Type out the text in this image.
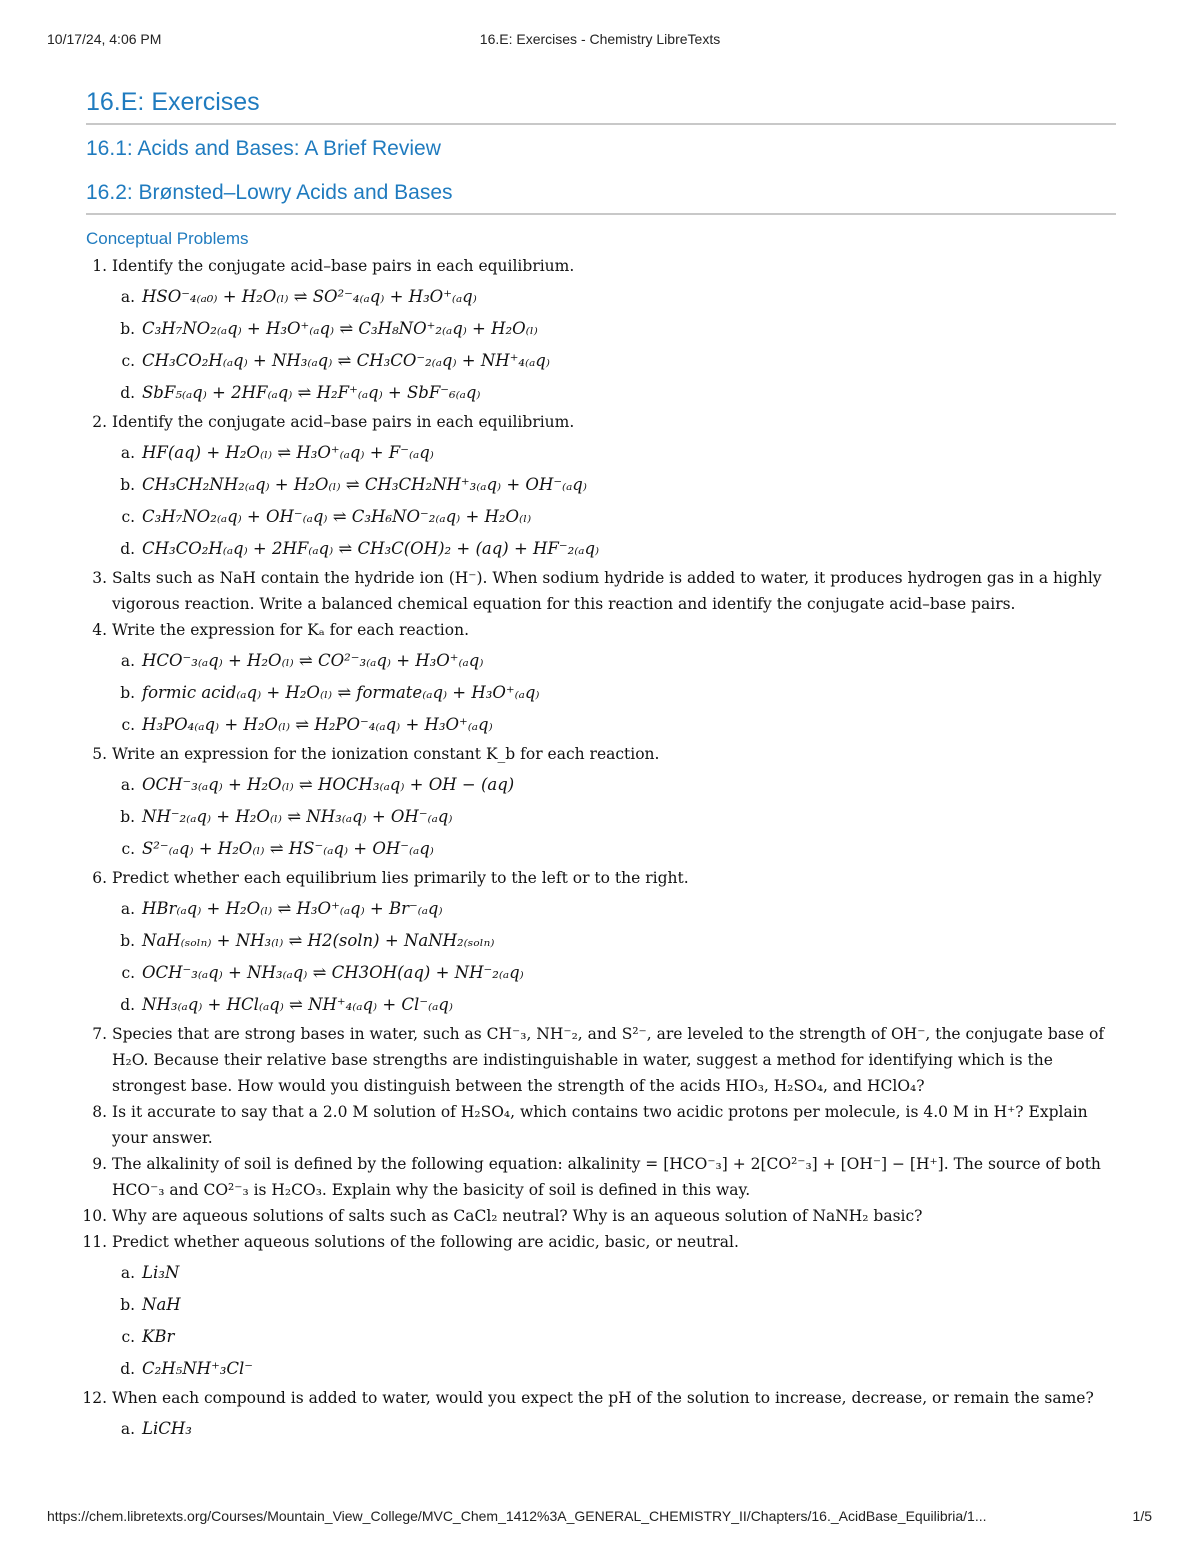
10/17/24, 4:06 PM	16.E: Exercises - Chemistry LibreTexts
16.E: Exercises
16.1: Acids and Bases: A Brief Review
16.2: Brønsted–Lowry Acids and Bases
Conceptual Problems

1. Identify the conjugate acid–base pairs in each equilibrium.

a. HSO⁻₄₍ₐ₀₎ + H₂O₍ₗ₎ ⇌ SO²⁻₄₍ₐq₎ + H₃O⁺₍ₐq₎
b. C₃H₇NO₂₍ₐq₎ + H₃O⁺₍ₐq₎ ⇌ C₃H₈NO⁺₂₍ₐq₎ + H₂O₍ₗ₎
c. CH₃CO₂H₍ₐq₎ + NH₃₍ₐq₎ ⇌ CH₃CO⁻₂₍ₐq₎ + NH⁺₄₍ₐq₎
d. SbF₅₍ₐq₎ + 2HF₍ₐq₎ ⇌ H₂F⁺₍ₐq₎ + SbF⁻₆₍ₐq₎

2. Identify the conjugate acid–base pairs in each equilibrium.

a. HF(aq) + H₂O₍ₗ₎ ⇌ H₃O⁺₍ₐq₎ + F⁻₍ₐq₎
b. CH₃CH₂NH₂₍ₐq₎ + H₂O₍ₗ₎ ⇌ CH₃CH₂NH⁺₃₍ₐq₎ + OH⁻₍ₐq₎
c. C₃H₇NO₂₍ₐq₎ + OH⁻₍ₐq₎ ⇌ C₃H₆NO⁻₂₍ₐq₎ + H₂O₍ₗ₎
d. CH₃CO₂H₍ₐq₎ + 2HF₍ₐq₎ ⇌ CH₃C(OH)₂ + (aq) + HF⁻₂₍ₐq₎

3. Salts such as NaH contain the hydride ion (H⁻). When sodium hydride is added to water, it produces hydrogen gas in a highly vigorous reaction. Write a balanced chemical equation for this reaction and identify the conjugate acid–base pairs.

4. Write the expression for Kₐ for each reaction.

a. HCO⁻₃₍ₐq₎ + H₂O₍ₗ₎ ⇌ CO²⁻₃₍ₐq₎ + H₃O⁺₍ₐq₎
b. formic acid₍ₐq₎ + H₂O₍ₗ₎ ⇌ formate₍ₐq₎ + H₃O⁺₍ₐq₎
c. H₃PO₄₍ₐq₎ + H₂O₍ₗ₎ ⇌ H₂PO⁻₄₍ₐq₎ + H₃O⁺₍ₐq₎

5. Write an expression for the ionization constant K_b for each reaction.

a. OCH⁻₃₍ₐq₎ + H₂O₍ₗ₎ ⇌ HOCH₃₍ₐq₎ + OH − (aq)
b. NH⁻₂₍ₐq₎ + H₂O₍ₗ₎ ⇌ NH₃₍ₐq₎ + OH⁻₍ₐq₎
c. S²⁻₍ₐq₎ + H₂O₍ₗ₎ ⇌ HS⁻₍ₐq₎ + OH⁻₍ₐq₎

6. Predict whether each equilibrium lies primarily to the left or to the right.

a. HBr₍ₐq₎ + H₂O₍ₗ₎ ⇌ H₃O⁺₍ₐq₎ + Br⁻₍ₐq₎
b. NaH₍ₛₒₗₙ₎ + NH₃₍ₗ₎ ⇌ H2(soln) + NaNH₂₍ₛₒₗₙ₎
c. OCH⁻₃₍ₐq₎ + NH₃₍ₐq₎ ⇌ CH3OH(aq) + NH⁻₂₍ₐq₎
d. NH₃₍ₐq₎ + HCl₍ₐq₎ ⇌ NH⁺₄₍ₐq₎ + Cl⁻₍ₐq₎

7. Species that are strong bases in water, such as CH⁻₃, NH⁻₂, and S²⁻, are leveled to the strength of OH⁻, the conjugate base of H₂O. Because their relative base strengths are indistinguishable in water, suggest a method for identifying which is the strongest base. How would you distinguish between the strength of the acids HIO₃, H₂SO₄, and HClO₄?

8. Is it accurate to say that a 2.0 M solution of H₂SO₄, which contains two acidic protons per molecule, is 4.0 M in H⁺? Explain your answer.

9. The alkalinity of soil is defined by the following equation: alkalinity = [HCO⁻₃] + 2[CO²⁻₃] + [OH⁻] − [H⁺]. The source of both HCO⁻₃ and CO²⁻₃ is H₂CO₃. Explain why the basicity of soil is defined in this way.

10. Why are aqueous solutions of salts such as CaCl₂ neutral? Why is an aqueous solution of NaNH₂ basic?

11. Predict whether aqueous solutions of the following are acidic, basic, or neutral.

a. Li₃N
b. NaH
c. KBr
d. C₂H₅NH⁺₃Cl⁻

12. When each compound is added to water, would you expect the pH of the solution to increase, decrease, or remain the same?

a. LiCH₃
https://chem.libretexts.org/Courses/Mountain_View_College/MVC_Chem_1412%3A_GENERAL_CHEMISTRY_II/Chapters/16._AcidBase_Equilibria/1...	1/5
